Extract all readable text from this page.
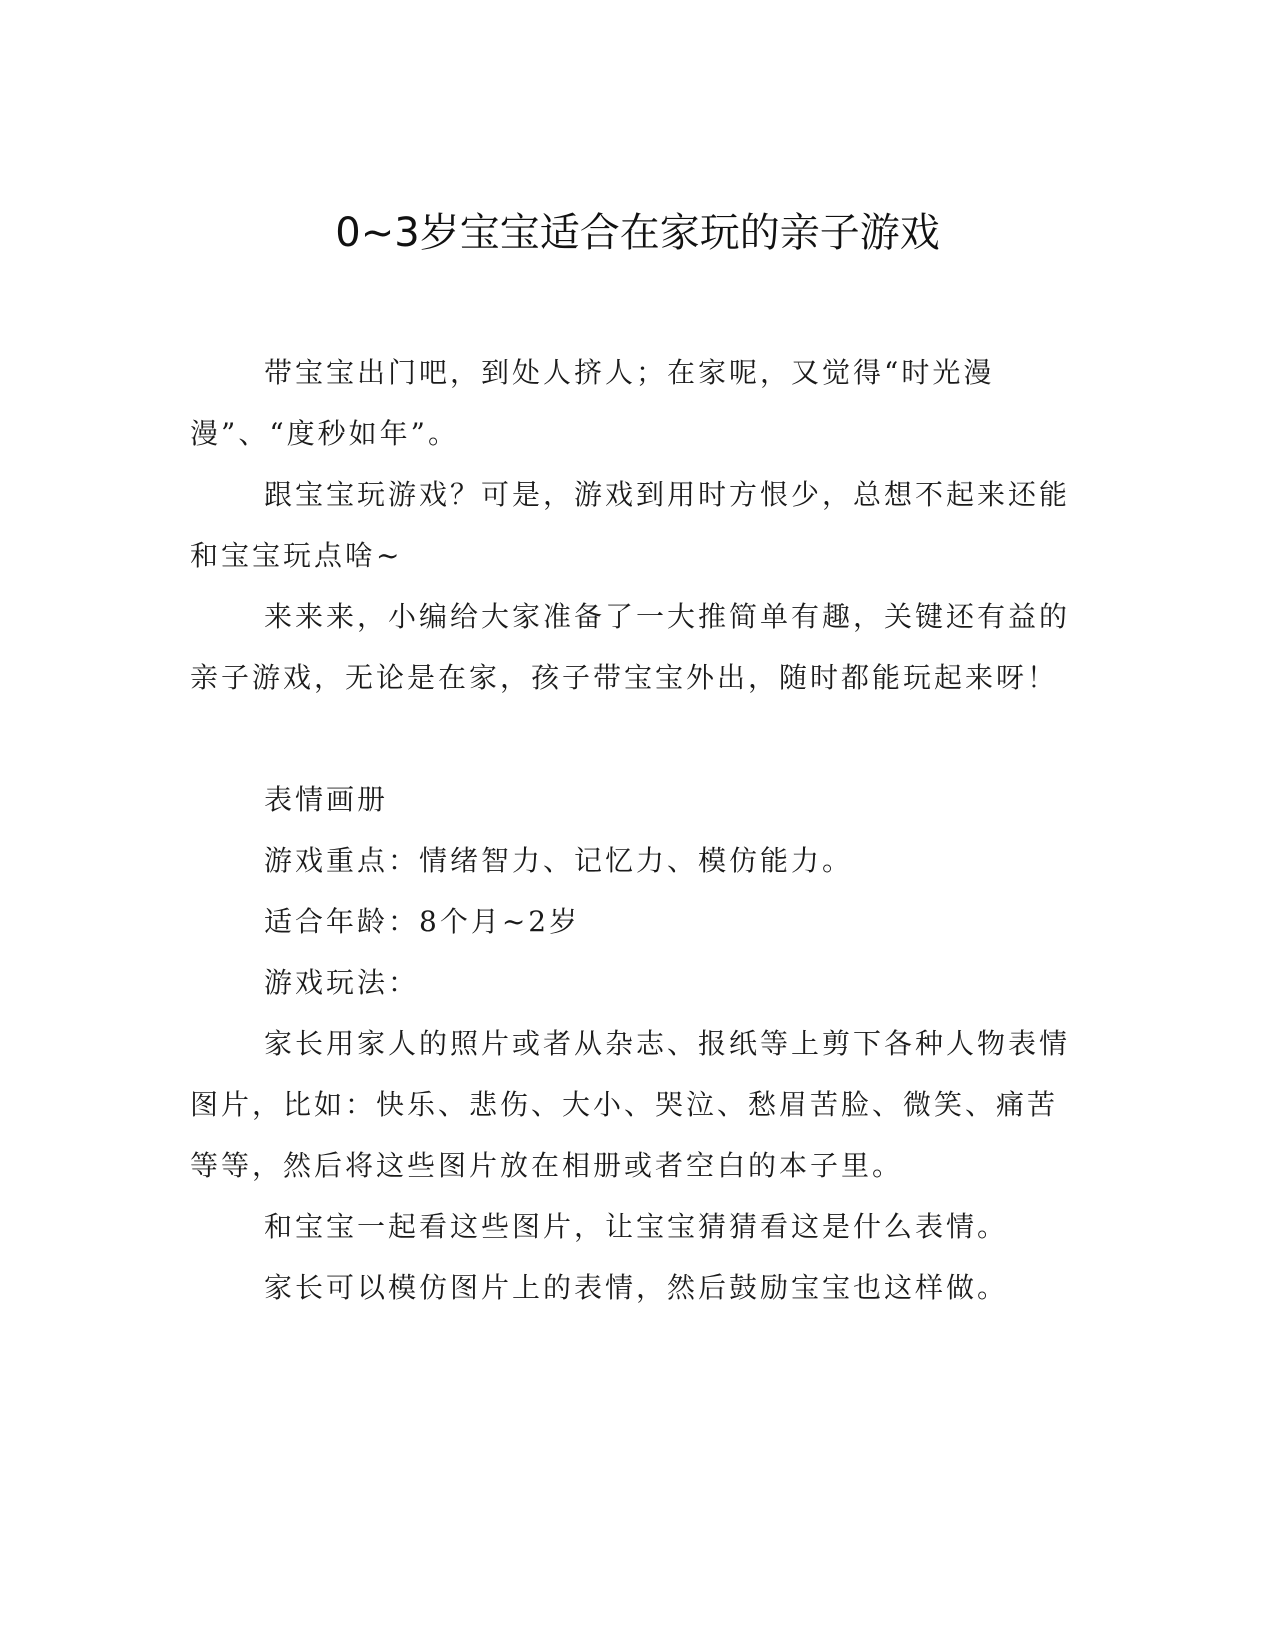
0~3岁宝宝适合在家玩的亲子游戏

带宝宝出门吧，到处人挤人；在家呢，又觉得“时光漫漫”、“度秒如年”。

跟宝宝玩游戏？可是，游戏到用时方恨少，总想不起来还能和宝宝玩点啥~

来来来，小编给大家准备了一大推简单有趣，关键还有益的亲子游戏，无论是在家，孩子带宝宝外出，随时都能玩起来呀！

表情画册

游戏重点：情绪智力、记忆力、模仿能力。

适合年龄：8个月~2岁

游戏玩法：

家长用家人的照片或者从杂志、报纸等上剪下各种人物表情图片，比如：快乐、悲伤、大小、哭泣、愁眉苦脸、微笑、痛苦等等，然后将这些图片放在相册或者空白的本子里。

和宝宝一起看这些图片，让宝宝猜猜看这是什么表情。

家长可以模仿图片上的表情，然后鼓励宝宝也这样做。
